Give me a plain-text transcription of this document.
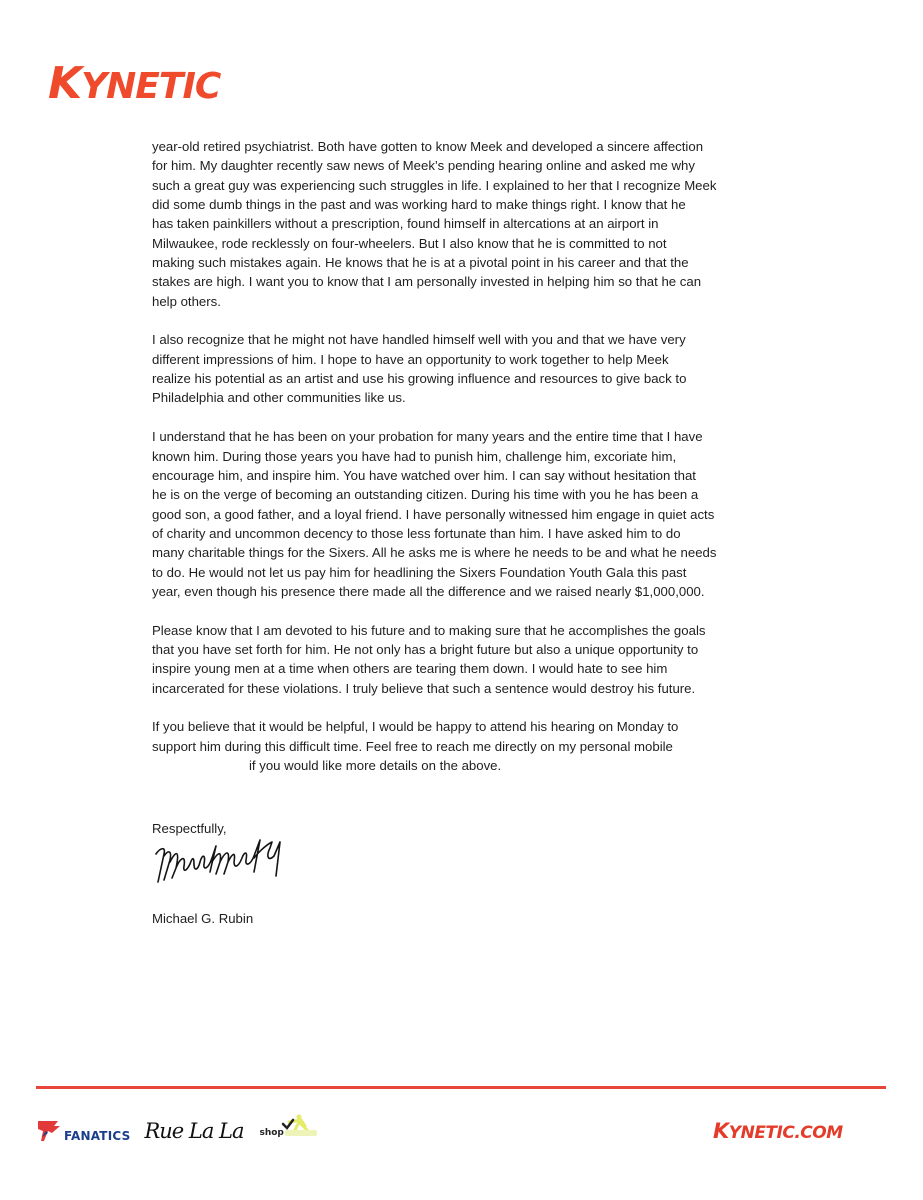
KYNETIC

year-old retired psychiatrist. Both have gotten to know Meek and developed a sincere affection
for him. My daughter recently saw news of Meek’s pending hearing online and asked me why
such a great guy was experiencing such struggles in life. I explained to her that I recognize Meek
did some dumb things in the past and was working hard to make things right. I know that he
has taken painkillers without a prescription, found himself in altercations at an airport in
Milwaukee, rode recklessly on four-wheelers. But I also know that he is committed to not
making such mistakes again. He knows that he is at a pivotal point in his career and that the
stakes are high. I want you to know that I am personally invested in helping him so that he can
help others.

I also recognize that he might not have handled himself well with you and that we have very
different impressions of him. I hope to have an opportunity to work together to help Meek
realize his potential as an artist and use his growing influence and resources to give back to
Philadelphia and other communities like us.

I understand that he has been on your probation for many years and the entire time that I have
known him. During those years you have had to punish him, challenge him, excoriate him,
encourage him, and inspire him. You have watched over him. I can say without hesitation that
he is on the verge of becoming an outstanding citizen. During his time with you he has been a
good son, a good father, and a loyal friend. I have personally witnessed him engage in quiet acts
of charity and uncommon decency to those less fortunate than him. I have asked him to do
many charitable things for the Sixers. All he asks me is where he needs to be and what he needs
to do. He would not let us pay him for headlining the Sixers Foundation Youth Gala this past
year, even though his presence there made all the difference and we raised nearly $1,000,000.

Please know that I am devoted to his future and to making sure that he accomplishes the goals
that you have set forth for him. He not only has a bright future but also a unique opportunity to
inspire young men at a time when others are tearing them down. I would hate to see him
incarcerated for these violations. I truly believe that such a sentence would destroy his future.

If you believe that it would be helpful, I would be happy to attend his hearing on Monday to
support him during this difficult time. Feel free to reach me directly on my personal mobile
if you would like more details on the above.

Respectfully,
Michael G. Rubin
FANATICS Rue La La shop	KYNETIC.COM
